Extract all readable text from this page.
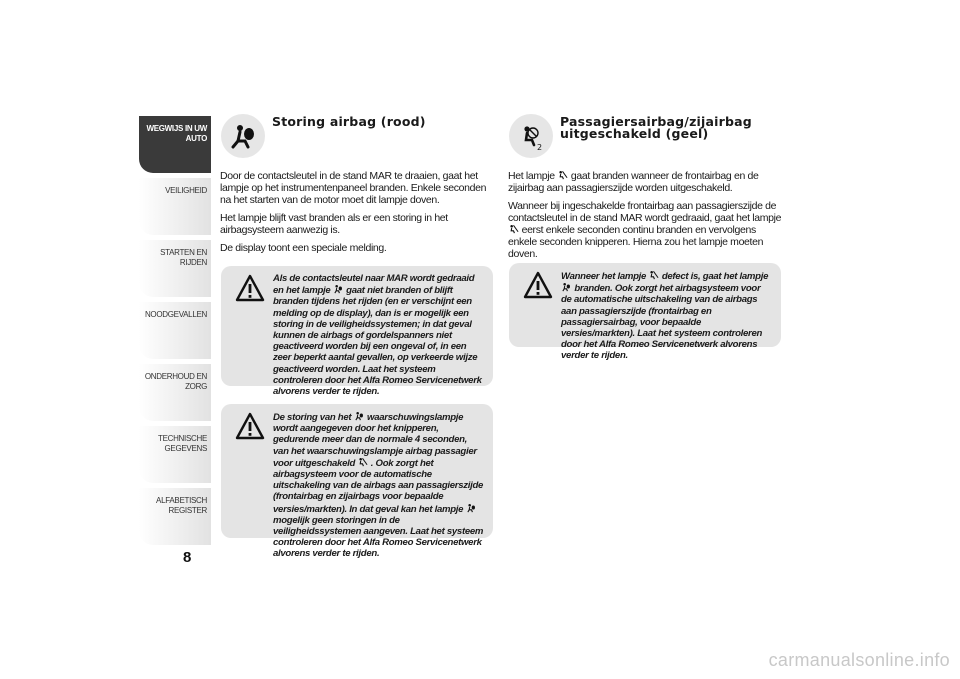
WEGWIJS IN UW
AUTO
VEILIGHEID
STARTEN EN RIJDEN
NOODGEVALLEN
ONDERHOUD EN
ZORG
TECHNISCHE
GEGEVENS
ALFABETISCH
REGISTER
8
Storing airbag (rood)

Door de contactsleutel in de stand MAR te draaien, gaat het lampje op het instrumentenpaneel branden. Enkele seconden na het starten van de motor moet dit lampje doven.

Het lampje blijft vast branden als er een storing in het airbagsysteem aanwezig is.

De display toont een speciale melding.

Als de contactsleutel naar MAR wordt gedraaid en het lampje gaat niet branden of blijft branden tijdens het rijden (en er verschijnt een melding op de display), dan is er mogelijk een storing in de veiligheidssystemen; in dat geval kunnen de airbags of gordelspanners niet geactiveerd worden bij een ongeval of, in een zeer beperkt aantal gevallen, op verkeerde wijze geactiveerd worden. Laat het systeem controleren door het Alfa Romeo Servicenetwerk alvorens verder te rijden.
De storing van het waarschuwingslampje wordt aangegeven door het knipperen, gedurende meer dan de normale 4 seconden, van het waarschuwingslampje airbag passagier voor uitgeschakeld . Ook zorgt het airbagsysteem voor de automatische uitschakeling van de airbags aan passagierszijde (frontairbag en zijairbags voor bepaalde versies/markten). In dat geval kan het lampje  mogelijk geen storingen in de veiligheidssystemen aangeven. Laat het systeem controleren door het Alfa Romeo Servicenetwerk alvorens verder te rijden.
2
Passagiersairbag/zijairbag
uitgeschakeld (geel)

Het lampje gaat branden wanneer de frontairbag en de zijairbag aan passagierszijde worden uitgeschakeld.

Wanneer bij ingeschakelde frontairbag aan passagierszijde de contactsleutel in de stand MAR wordt gedraaid, gaat het lampje  eerst enkele seconden continu branden en vervolgens enkele seconden knipperen. Hierna zou het lampje moeten doven.

Wanneer het lampje defect is, gaat het lampje  branden. Ook zorgt het airbagsysteem voor de automatische uitschakeling van de airbags aan passagierszijde (frontairbag en passagiersairbag, voor bepaalde versies/markten). Laat het systeem controleren door het Alfa Romeo Servicenetwerk alvorens verder te rijden.
carmanualsonline.info
